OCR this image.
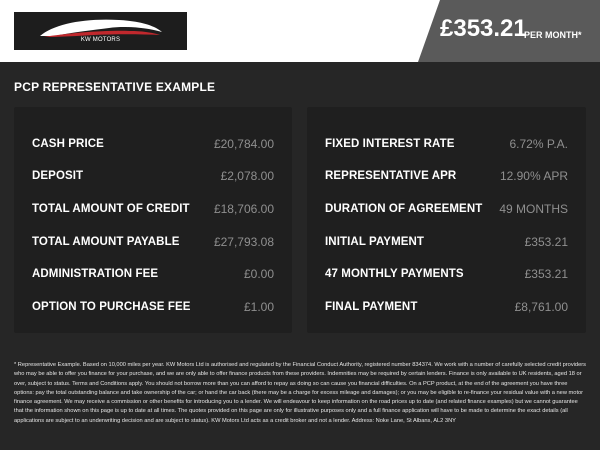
KW MOTORS	£353.21
PER MONTH*
PCP REPRESENTATIVE EXAMPLE
CASH PRICE	£20,784.00
DEPOSIT	£2,078.00
TOTAL AMOUNT OF CREDIT £18,706.00
TOTAL AMOUNT PAYABLE	£27,793.08
ADMINISTRATION FEE	£0.00
OPTION TO PURCHASE FEE	£1.00
FIXED INTEREST RATE	6.72% P.A.
REPRESENTATIVE APR	12.90% APR
DURATION OF AGREEMENT 49 MONTHS
INITIAL PAYMENT	£353.21
47 MONTHLY PAYMENTS	£353.21
FINAL PAYMENT	£8,761.00
* Representative Example. Based on 10,000 miles per year. KW Motors Ltd is authorised and regulated by the Financial Conduct Authority, registered number 834374. We work with a number of carefully selected credit providers who may be able to offer you finance for your purchase, and we are only able to offer finance products from these providers. Indemnities may be required by certain lenders. Finance is only available to UK residents, aged 18 or over, subject to status. Terms and Conditions apply. You should not borrow more than you can afford to repay as doing so can cause you financial difficulties. On a PCP product, at the end of the agreement you have three options: pay the total outstanding balance and take ownership of the car; or hand the car back (there may be a charge for excess mileage and damages); or you may be eligible to re-finance your residual value with a new motor finance agreement. We may receive a commission or other benefits for introducing you to a lender. We will endeavour to keep information on the road prices up to date (and related finance examples) but we cannot guarantee that the information shown on this page is up to date at all times. The quotes provided on this page are only for illustrative purposes only and a full finance application will have to be made to determine the exact details (all applications are subject to an underwriting decision and are subject to status). KW Motors Ltd acts as a credit broker and not a lender. Address: Noke Lane, St Albans, AL2 3NY
